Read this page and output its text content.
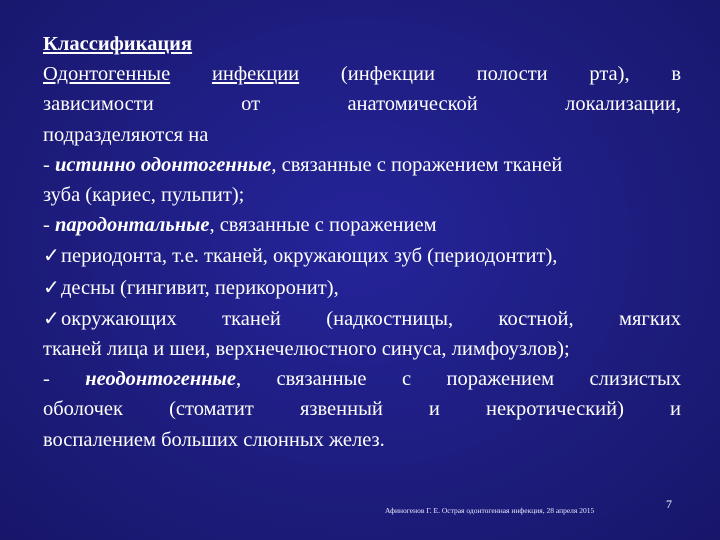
Классификация
Одонтогенные инфекции (инфекции полости рта), в
зависимости от анатомической локализации,
подразделяются на
- истинно одонтогенные, связанные с поражением тканей
зуба (кариес, пульпит);
- пародонтальные, связанные с поражением
✓периодонта, т.е. тканей, окружающих зуб (периодонтит),
✓десны (гингивит, перикоронит),
✓окружающих тканей (надкостницы, костной, мягких
тканей лица и шеи, верхнечелюстного синуса, лимфоузлов);
- неодонтогенные, связанные с поражением слизистых
оболочек (стоматит язвенный и некротический) и
воспалением больших слюнных желез.
Афиногенов Г. Е. Острая одонтогенная инфекция, 28 апреля 2015	7
